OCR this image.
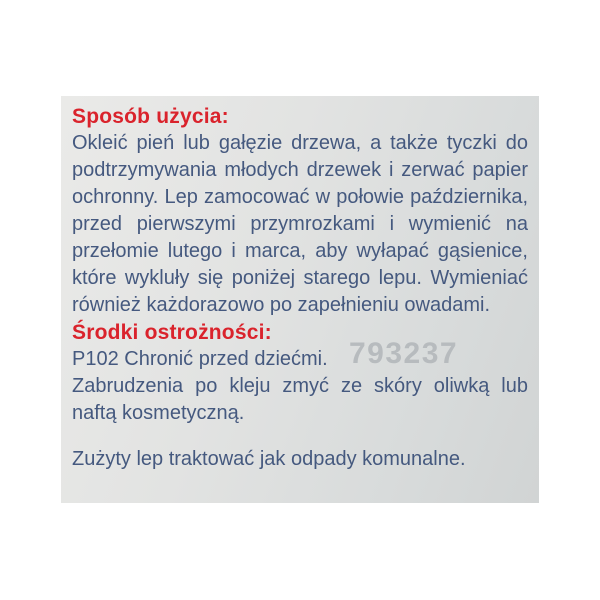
Sposób użycia:

Okleić pień lub gałęzie drzewa, a także tyczki do podtrzymywania młodych drzewek i zerwać papier ochronny. Lep zamocować w połowie października, przed pierwszymi przymrozkami i wymienić na przełomie lutego i marca, aby wyłapać gąsienice, które wykluły się poniżej starego lepu. Wymieniać również każdorazowo po zapełnieniu owadami.

Środki ostrożności:

P102 Chronić przed dziećmi.

Zabrudzenia po kleju zmyć ze skóry oliwką lub naftą kosmetyczną.

Zużyty lep traktować jak odpady komunalne.

793237
